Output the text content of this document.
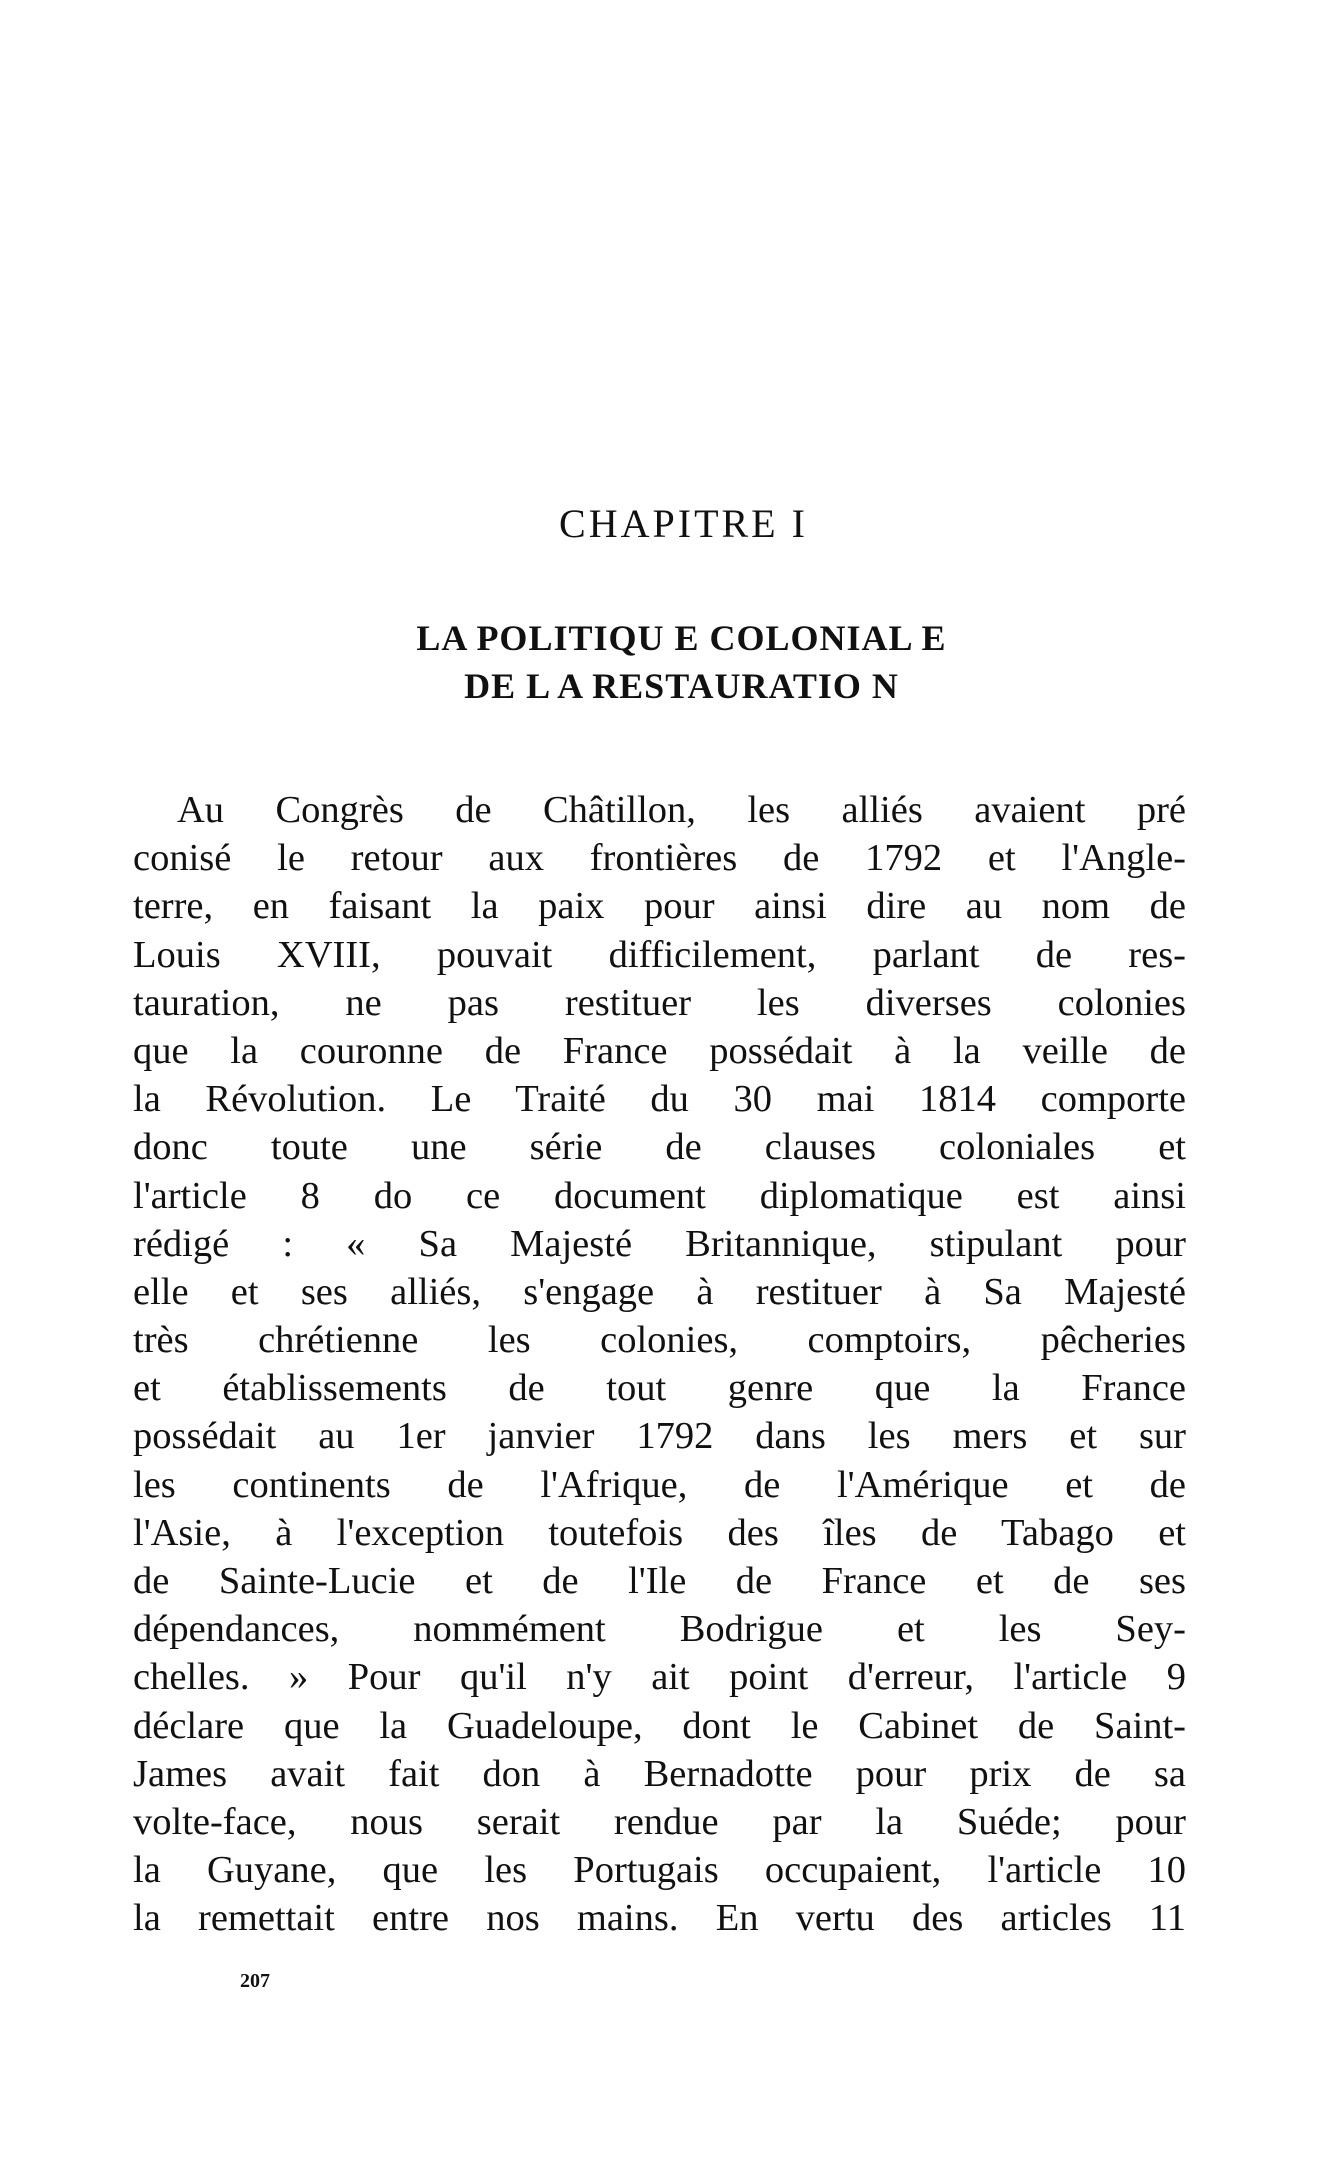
CHAPITRE I
LA POLITIQU E COLONIAL E
DE L A RESTAURATIO N
Au Congrès de Châtillon, les alliés avaient pré
conisé le retour aux frontières de 1792 et l'Angle-
terre, en faisant la paix pour ainsi dire au nom de
Louis XVIII, pouvait difficilement, parlant de res-
tauration, ne pas restituer les diverses colonies
que la couronne de France possédait à la veille de
la Révolution. Le Traité du 30 mai 1814 comporte
donc toute une série de clauses coloniales et
l'article 8 do ce document diplomatique est ainsi
rédigé : « Sa Majesté Britannique, stipulant pour
elle et ses alliés, s'engage à restituer à Sa Majesté
très chrétienne les colonies, comptoirs, pêcheries
et établissements de tout genre que la France
possédait au 1er janvier 1792 dans les mers et sur
les continents de l'Afrique, de l'Amérique et de
l'Asie, à l'exception toutefois des îles de Tabago et
de Sainte-Lucie et de l'Ile de France et de ses
dépendances, nommément Bodrigue et les Sey-
chelles. » Pour qu'il n'y ait point d'erreur, l'article 9
déclare que la Guadeloupe, dont le Cabinet de Saint-
James avait fait don à Bernadotte pour prix de sa
volte-face, nous serait rendue par la Suéde; pour
la Guyane, que les Portugais occupaient, l'article 10
la remettait entre nos mains. En vertu des articles 11
207
